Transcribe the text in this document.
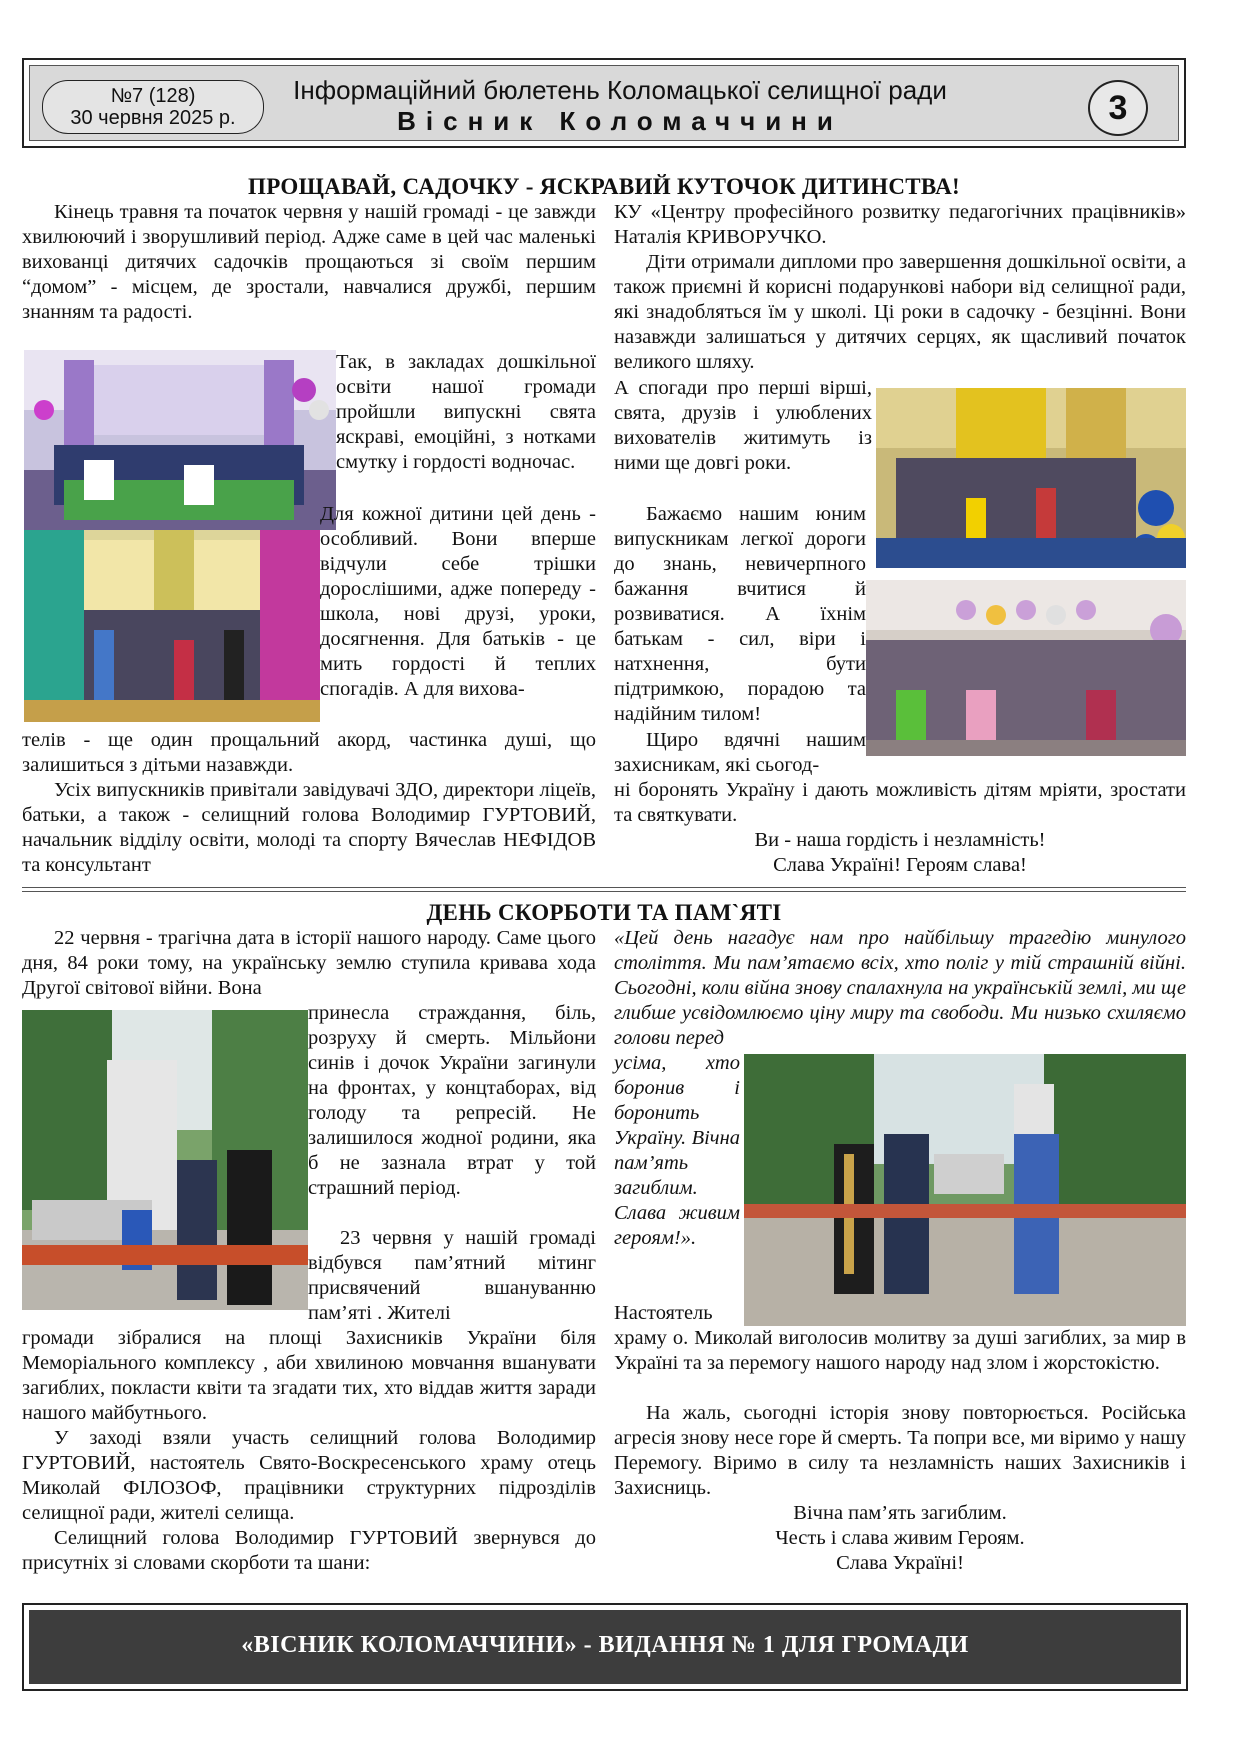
№7 (128)
30 червня 2025 р.
Інформаційний бюлетень Коломацької селищної ради
Вісник Коломаччини	3
ПРОЩАВАЙ, САДОЧКУ - ЯСКРАВИЙ КУТОЧОК ДИТИНСТВА!
Кінець травня та початок червня у нашій громаді - це завжди хвилюючий і зворушливий період. Адже саме в цей час маленькі вихованці дитячих садочків прощаються зі своїм першим “домом” - місцем, де зростали, навчалися дружбі, першим знанням та радості.
Так, в закладах дошкільної освіти нашої громади пройшли випускні свята яскраві, емоційні, з нотками смутку і гордості водночас.
Для кожної дитини цей день - особливий. Вони вперше відчули себе трішки дорослішими, адже попереду - школа, нові друзі, уроки, досягнення. Для батьків - це мить гордості й теплих спогадів. А для вихова-
телів - ще один прощальний акорд, частинка душі, що залишиться з дітьми назавжди.
Усіх випускників привітали завідувачі ЗДО, директори ліцеїв, батьки, а також - селищний голова Володимир ГУРТОВИЙ, начальник відділу освіти, молоді та спорту Вячеслав НЕФІДОВ та консультант
КУ «Центру професійного розвитку педагогічних працівників» Наталія КРИВОРУЧКО.
Діти отримали дипломи про завершення дошкільної освіти, а також приємні й корисні подарункові набори від селищної ради, які знадобляться їм у школі. Ці роки в садочку - безцінні. Вони назавжди залишаться у дитячих серцях, як щасливий початок великого шляху.
А спогади про перші вірші, свята, друзів і улюблених вихователів житимуть із ними ще довгі роки.
Бажаємо нашим юним випускникам легкої дороги до знань, невичерпного бажання вчитися й розвиватися. А їхнім батькам - сил, віри і натхнення, бути підтримкою, порадою та надійним тилом!
Щиро вдячні нашим захисникам, які сьогод-
ні боронять Україну і дають можливість дітям мріяти, зростати та святкувати.
Ви - наша гордість і незламність!
Слава Україні! Героям слава!
ДЕНЬ СКОРБОТИ ТА ПАМ`ЯТІ
22 червня - трагічна дата в історії нашого народу. Саме цього дня, 84 роки тому, на українську землю ступила кривава хода Другої світової війни. Вона
принесла страждання, біль, розруху й смерть. Мільйони синів і дочок України загинули на фронтах, у концтаборах, від голоду та репресій. Не залишилося жодної родини, яка б не зазнала втрат у той страшний період.
23 червня у нашій громаді відбувся пам’ятний мітинг присвячений вшануванню пам’яті . Жителі
громади зібралися на площі Захисників України біля Меморіального комплексу , аби хвилиною мовчання вшанувати загиблих, покласти квіти та згадати тих, хто віддав життя заради нашого майбутнього.
У заході взяли участь селищний голова Володимир ГУРТОВИЙ, настоятель Свято-Воскресенського храму отець Миколай ФІЛОЗОФ, працівники структурних підрозділів селищної ради, жителі селища.
Селищний голова Володимир ГУРТОВИЙ звернувся до присутніх зі словами скорботи та шани:
«Цей день нагадує нам про найбільшу трагедію минулого століття. Ми пам’ятаємо всіх, хто поліг у тій страшній війні. Сьогодні, коли війна знову спалахнула на українській землі, ми ще глибше усвідомлюємо ціну миру та свободи. Ми низько схиляємо голови перед
усіма, хто боронив і боронить Україну. Вічна пам’ять загиблим. Слава живим героям!».
Настоятель
храму о. Миколай виголосив молитву за душі загиблих, за мир в Україні та за перемогу нашого народу над злом і жорстокістю.
На жаль, сьогодні історія знову повторюється. Російська агресія знову несе горе й смерть. Та попри все, ми віримо у нашу Перемогу. Віримо в силу та незламність наших Захисників і Захисниць.
Вічна пам’ять загиблим.
Честь і слава живим Героям.
Слава Україні!
«ВІСНИК КОЛОМАЧЧИНИ» - ВИДАННЯ № 1 ДЛЯ ГРОМАДИ
